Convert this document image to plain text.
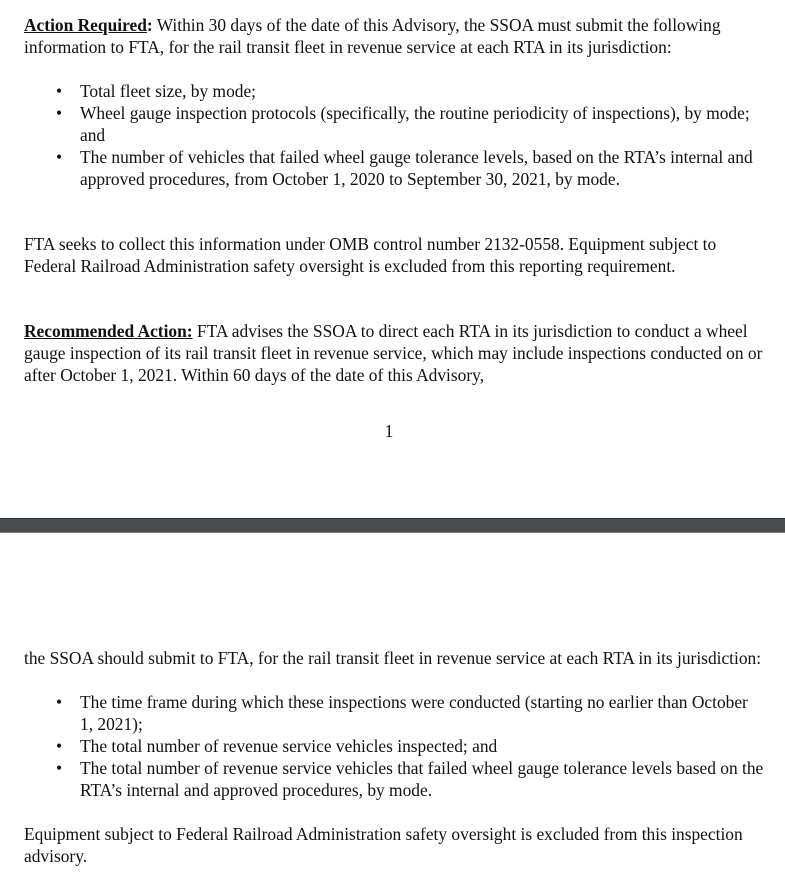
Action Required: Within 30 days of the date of this Advisory, the SSOA must submit the following information to FTA, for the rail transit fleet in revenue service at each RTA in its jurisdiction:

• Total fleet size, by mode;
• Wheel gauge inspection protocols (specifically, the routine periodicity of inspections), by mode; and
• The number of vehicles that failed wheel gauge tolerance levels, based on the RTA’s internal and approved procedures, from October 1, 2020 to September 30, 2021, by mode.

FTA seeks to collect this information under OMB control number 2132-0558. Equipment subject to Federal Railroad Administration safety oversight is excluded from this reporting requirement.

Recommended Action: FTA advises the SSOA to direct each RTA in its jurisdiction to conduct a wheel gauge inspection of its rail transit fleet in revenue service, which may include inspections conducted on or after October 1, 2021. Within 60 days of the date of this Advisory,

1

the SSOA should submit to FTA, for the rail transit fleet in revenue service at each RTA in its jurisdiction:

• The time frame during which these inspections were conducted (starting no earlier than October 1, 2021);
• The total number of revenue service vehicles inspected; and
• The total number of revenue service vehicles that failed wheel gauge tolerance levels based on the RTA’s internal and approved procedures, by mode.

Equipment subject to Federal Railroad Administration safety oversight is excluded from this inspection advisory.
